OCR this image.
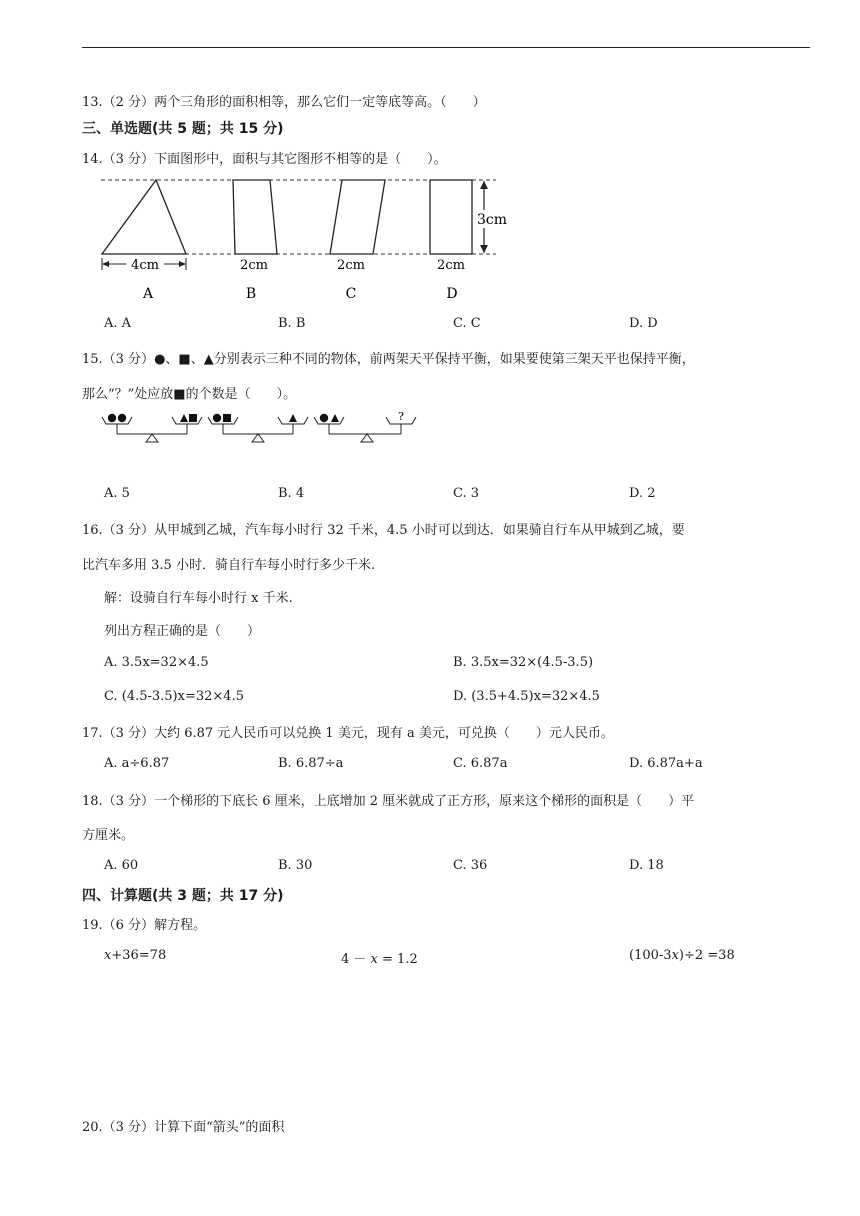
13.（2 分）两个三角形的面积相等，那么它们一定等底等高。（　　）
三、单选题(共 5 题；共 15 分)
14.（3 分）下面图形中，面积与其它图形不相等的是（　　）。
4cm
A
2cm
B
2cm
C
2cm
D
3cm
A. A	B. B	C. C	D. D
15.（3 分）●、■、▲分别表示三种不同的物体，前两架天平保持平衡，如果要使第三架天平也保持平衡，
那么“？”处应放■的个数是（　　）。
?
A. 5	B. 4	C. 3	D. 2
16.（3 分）从甲城到乙城，汽车每小时行 32 千米，4.5 小时可以到达．如果骑自行车从甲城到乙城，要
比汽车多用 3.5 小时．骑自行车每小时行多少千米.
解：设骑自行车每小时行 x 千米.
列出方程正确的是（　　）
A. 3.5x=32×4.5	B. 3.5x=32×(4.5-3.5)
C. (4.5-3.5)x=32×4.5	D. (3.5+4.5)x=32×4.5
17.（3 分）大约 6.87 元人民币可以兑换 1 美元，现有 a 美元，可兑换（　　）元人民币。
A. a÷6.87	B. 6.87÷a	C. 6.87a	D. 6.87a+a
18.（3 分）一个梯形的下底长 6 厘米，上底增加 2 厘米就成了正方形，原来这个梯形的面积是（　　）平
方厘米。
A. 60	B. 30	C. 36	D. 18
四、计算题(共 3 题；共 17 分)
19.（6 分）解方程。
x+36=78	4 － x = 1.2	(100-3x)÷2 =38
20.（3 分）计算下面“箭头”的面积
